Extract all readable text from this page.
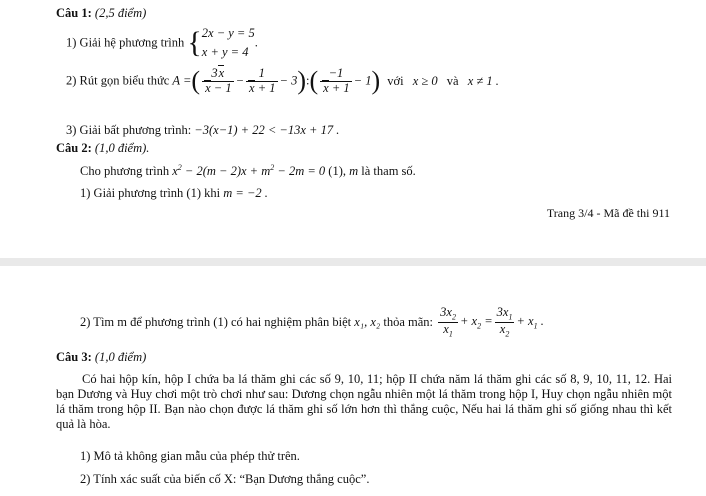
Câu 1: (2,5 điểm)
1) Giải hệ phương trình { 2x − y = 5
x + y = 4
.
2) Rút gọn biểu thức A =( $\frac{3x}{x - 1} - \frac{1}{x + 1}$ − 3):( $\frac{-1}{x + 1} - 1$) với x ≥ 0 và x ≠ 1 .
3) Giải bất phương trình: −3(x−1) + 22 < −13x + 17 .
Câu 2: (1,0 điểm).
Cho phương trình $x^2 - 2(m - 2)x + m^2 - 2m = 0$ (1), m là tham số.
1) Giải phương trình (1) khi m = −2 .
Trang 3/4 - Mã đề thi 911
2) Tìm m để phương trình (1) có hai nghiệm phân biệt x₁, x₂ thỏa mãn: $\frac{3x_2}{x_1} + x_2 = \frac{3x_1}{x_2} + x_1$ .
Câu 3: (1,0 điểm)
Có hai hộp kín, hộp I chứa ba lá thăm ghi các số 9, 10, 11; hộp II chứa năm lá thăm ghi các số 8, 9, 10, 11, 12. Hai bạn Dương và Huy chơi một trò chơi như sau: Dương chọn ngẫu nhiên một lá thăm trong hộp I, Huy chọn ngẫu nhiên một lá thăm trong hộp II. Bạn nào chọn được lá thăm ghi số lớn hơn thì thắng cuộc, Nếu hai lá thăm ghi số giống nhau thì kết quả là hòa.
1) Mô tả không gian mẫu của phép thử trên.
2) Tính xác suất của biến cố X: “Bạn Dương thắng cuộc”.
